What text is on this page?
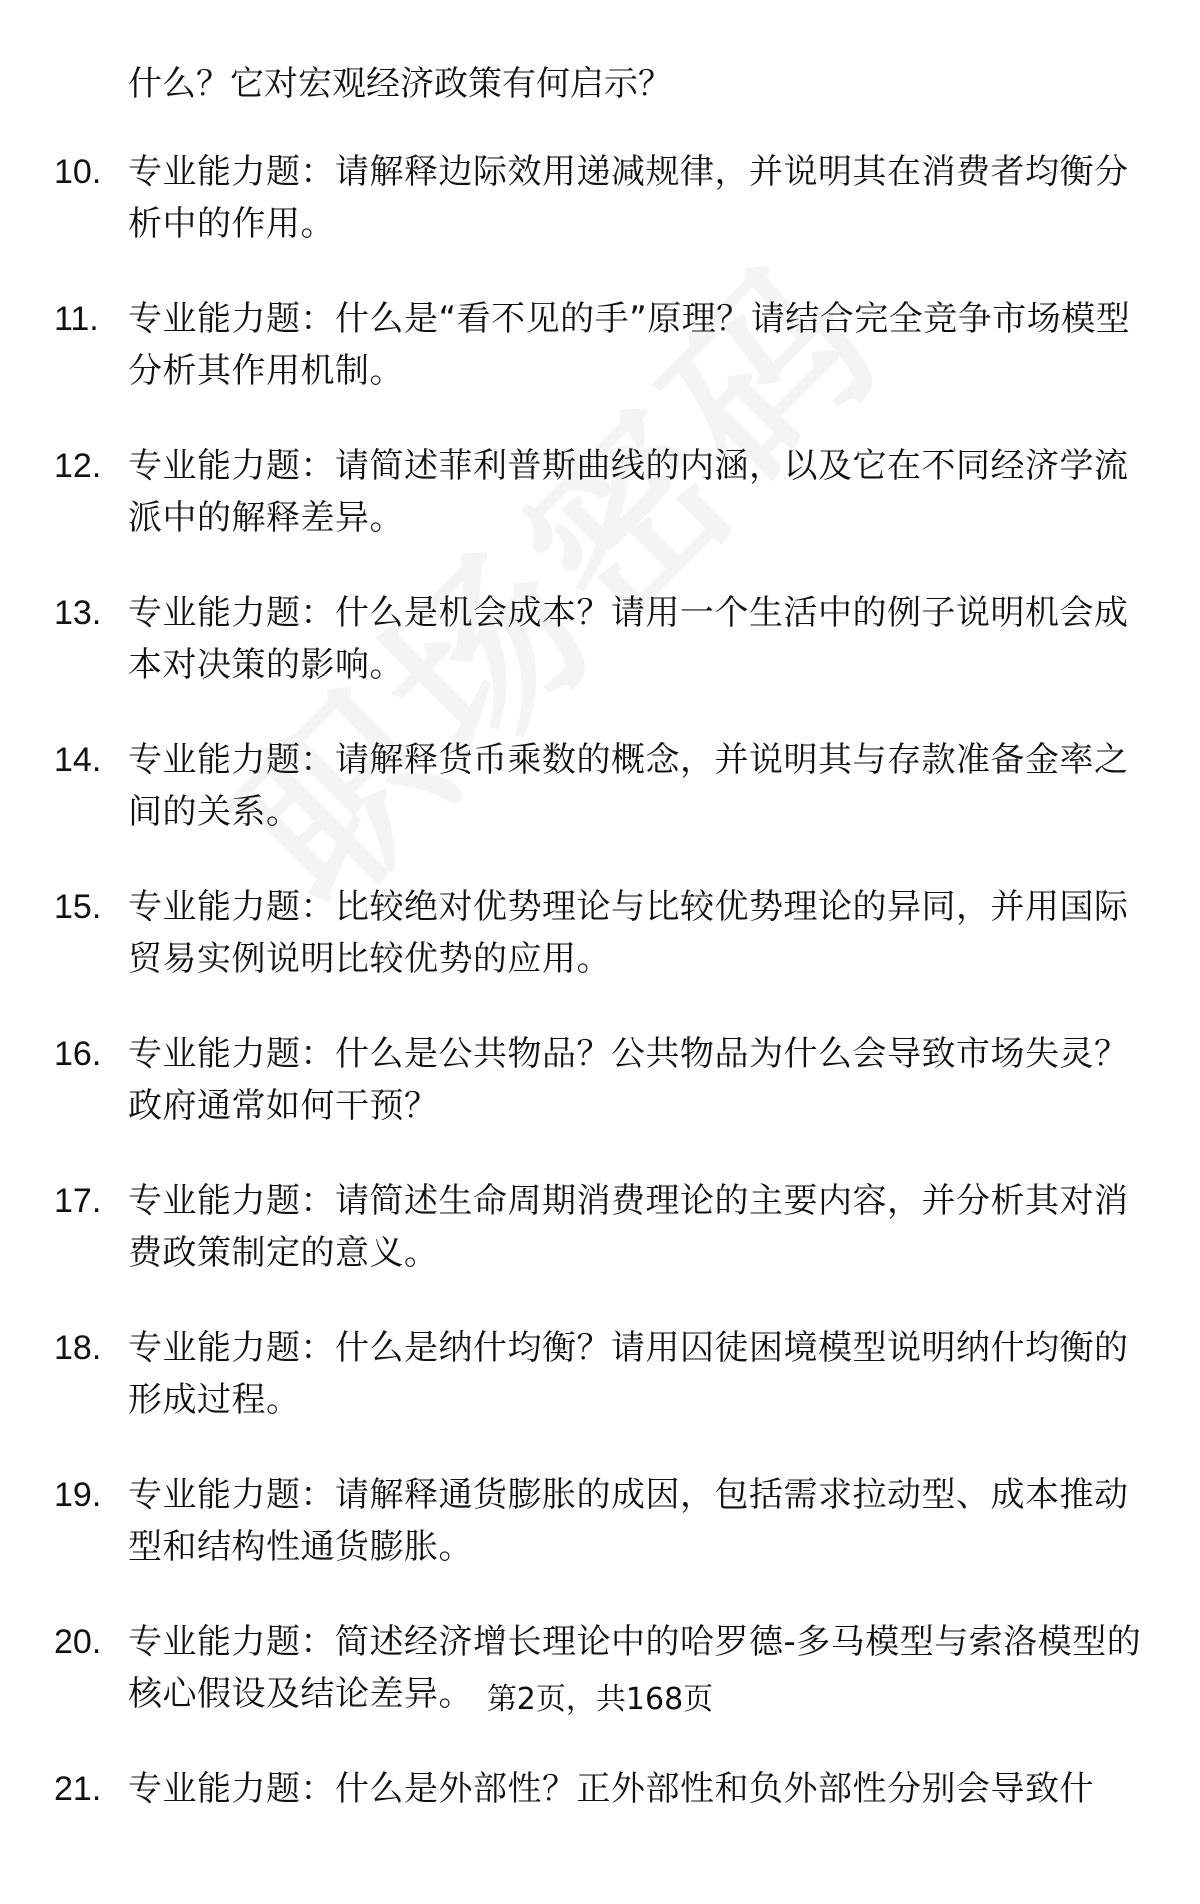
什么？它对宏观经济政策有何启示？
10. 专业能力题：请解释边际效用递减规律，并说明其在消费者均衡分析中的作用。
11. 专业能力题：什么是“看不见的手”原理？请结合完全竞争市场模型分析其作用机制。
12. 专业能力题：请简述菲利普斯曲线的内涵，以及它在不同经济学流派中的解释差异。
13. 专业能力题：什么是机会成本？请用一个生活中的例子说明机会成本对决策的影响。
14. 专业能力题：请解释货币乘数的概念，并说明其与存款准备金率之间的关系。
15. 专业能力题：比较绝对优势理论与比较优势理论的异同，并用国际贸易实例说明比较优势的应用。
16. 专业能力题：什么是公共物品？公共物品为什么会导致市场失灵？政府通常如何干预？
17. 专业能力题：请简述生命周期消费理论的主要内容，并分析其对消费政策制定的意义。
18. 专业能力题：什么是纳什均衡？请用囚徒困境模型说明纳什均衡的形成过程。
19. 专业能力题：请解释通货膨胀的成因，包括需求拉动型、成本推动型和结构性通货膨胀。
20. 专业能力题：简述经济增长理论中的哈罗德-多马模型与索洛模型的核心假设及结论差异。
21. 专业能力题：什么是外部性？正外部性和负外部性分别会导致什
第2页，共168页
